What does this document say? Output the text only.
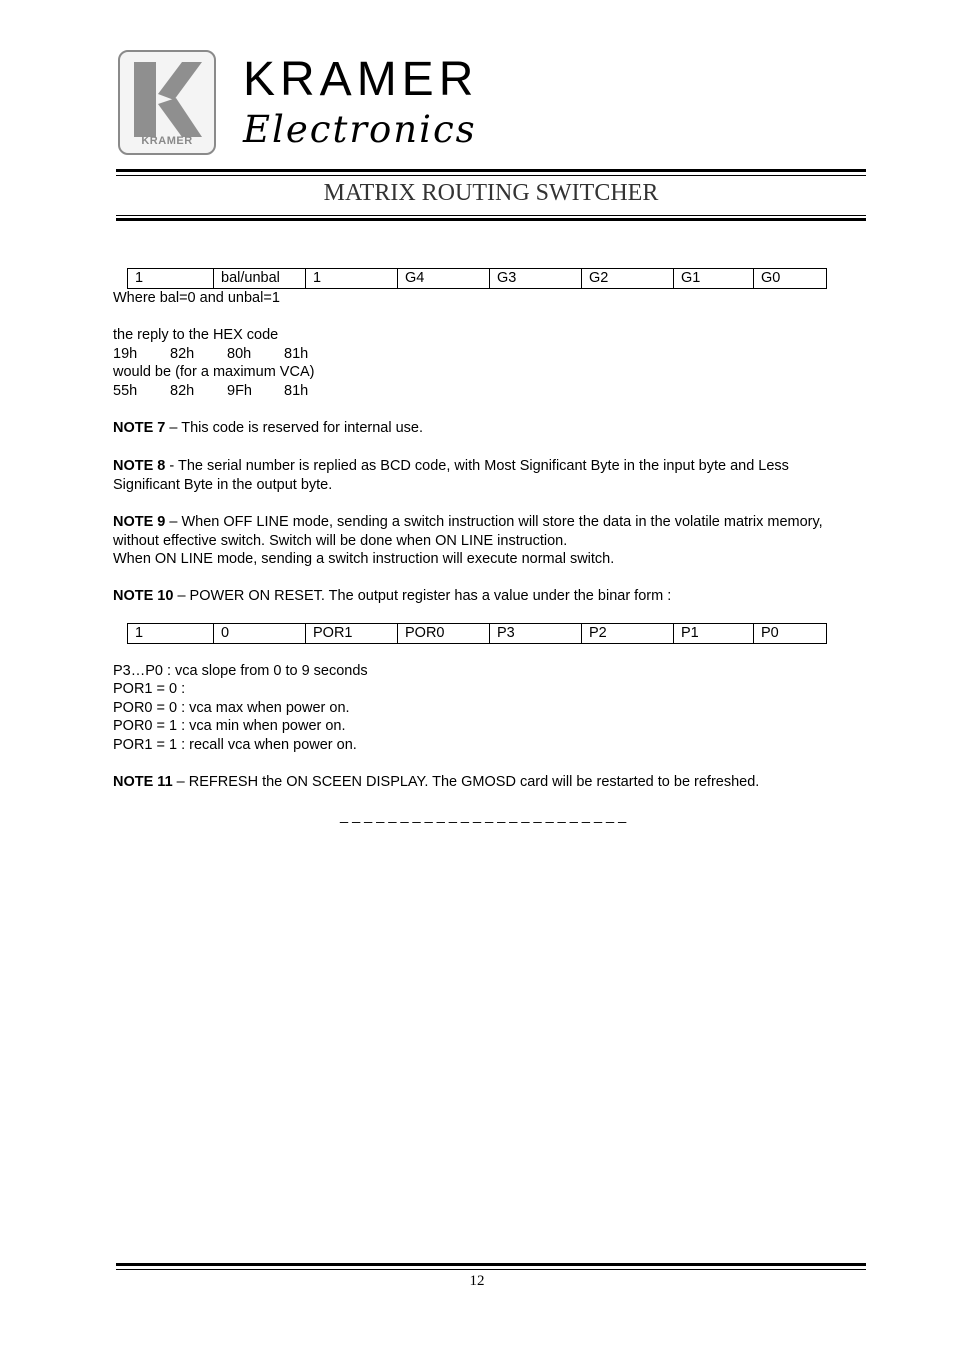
KRAMER
KRAMER
Electronics
MATRIX ROUTING SWITCHER
1	bal/unbal	1	G4	G3	G2	G1	G0
Where bal=0 and unbal=1
the reply to the HEX code
19h 82h 80h 81h
would be (for a maximum VCA)
55h 82h 9Fh 81h
NOTE 7 – This code is reserved for internal use.
NOTE 8 - The serial number is replied as BCD code, with Most Significant Byte in the input byte and Less Significant Byte in the output byte.
NOTE 9 – When OFF LINE mode, sending a switch instruction will store the data in the volatile matrix memory, without effective switch. Switch will be done when ON LINE instruction.
When ON LINE mode, sending a switch instruction will execute normal switch.
NOTE 10 – POWER ON RESET. The output register has a value under the binar form :
1	0	POR1	POR0	P3	P2	P1	P0
P3…P0 : vca slope from 0 to 9 seconds
POR1 = 0 :
POR0 = 0 : vca max when power on.
POR0 = 1 : vca min when power on.
POR1 = 1 : recall vca when power on.
NOTE 11 – REFRESH the ON SCEEN DISPLAY. The GMOSD card will be restarted to be refreshed.
_ _ _ _ _ _ _ _ _ _ _ _ _ _ _ _ _ _ _ _ _ _ _ _
12
